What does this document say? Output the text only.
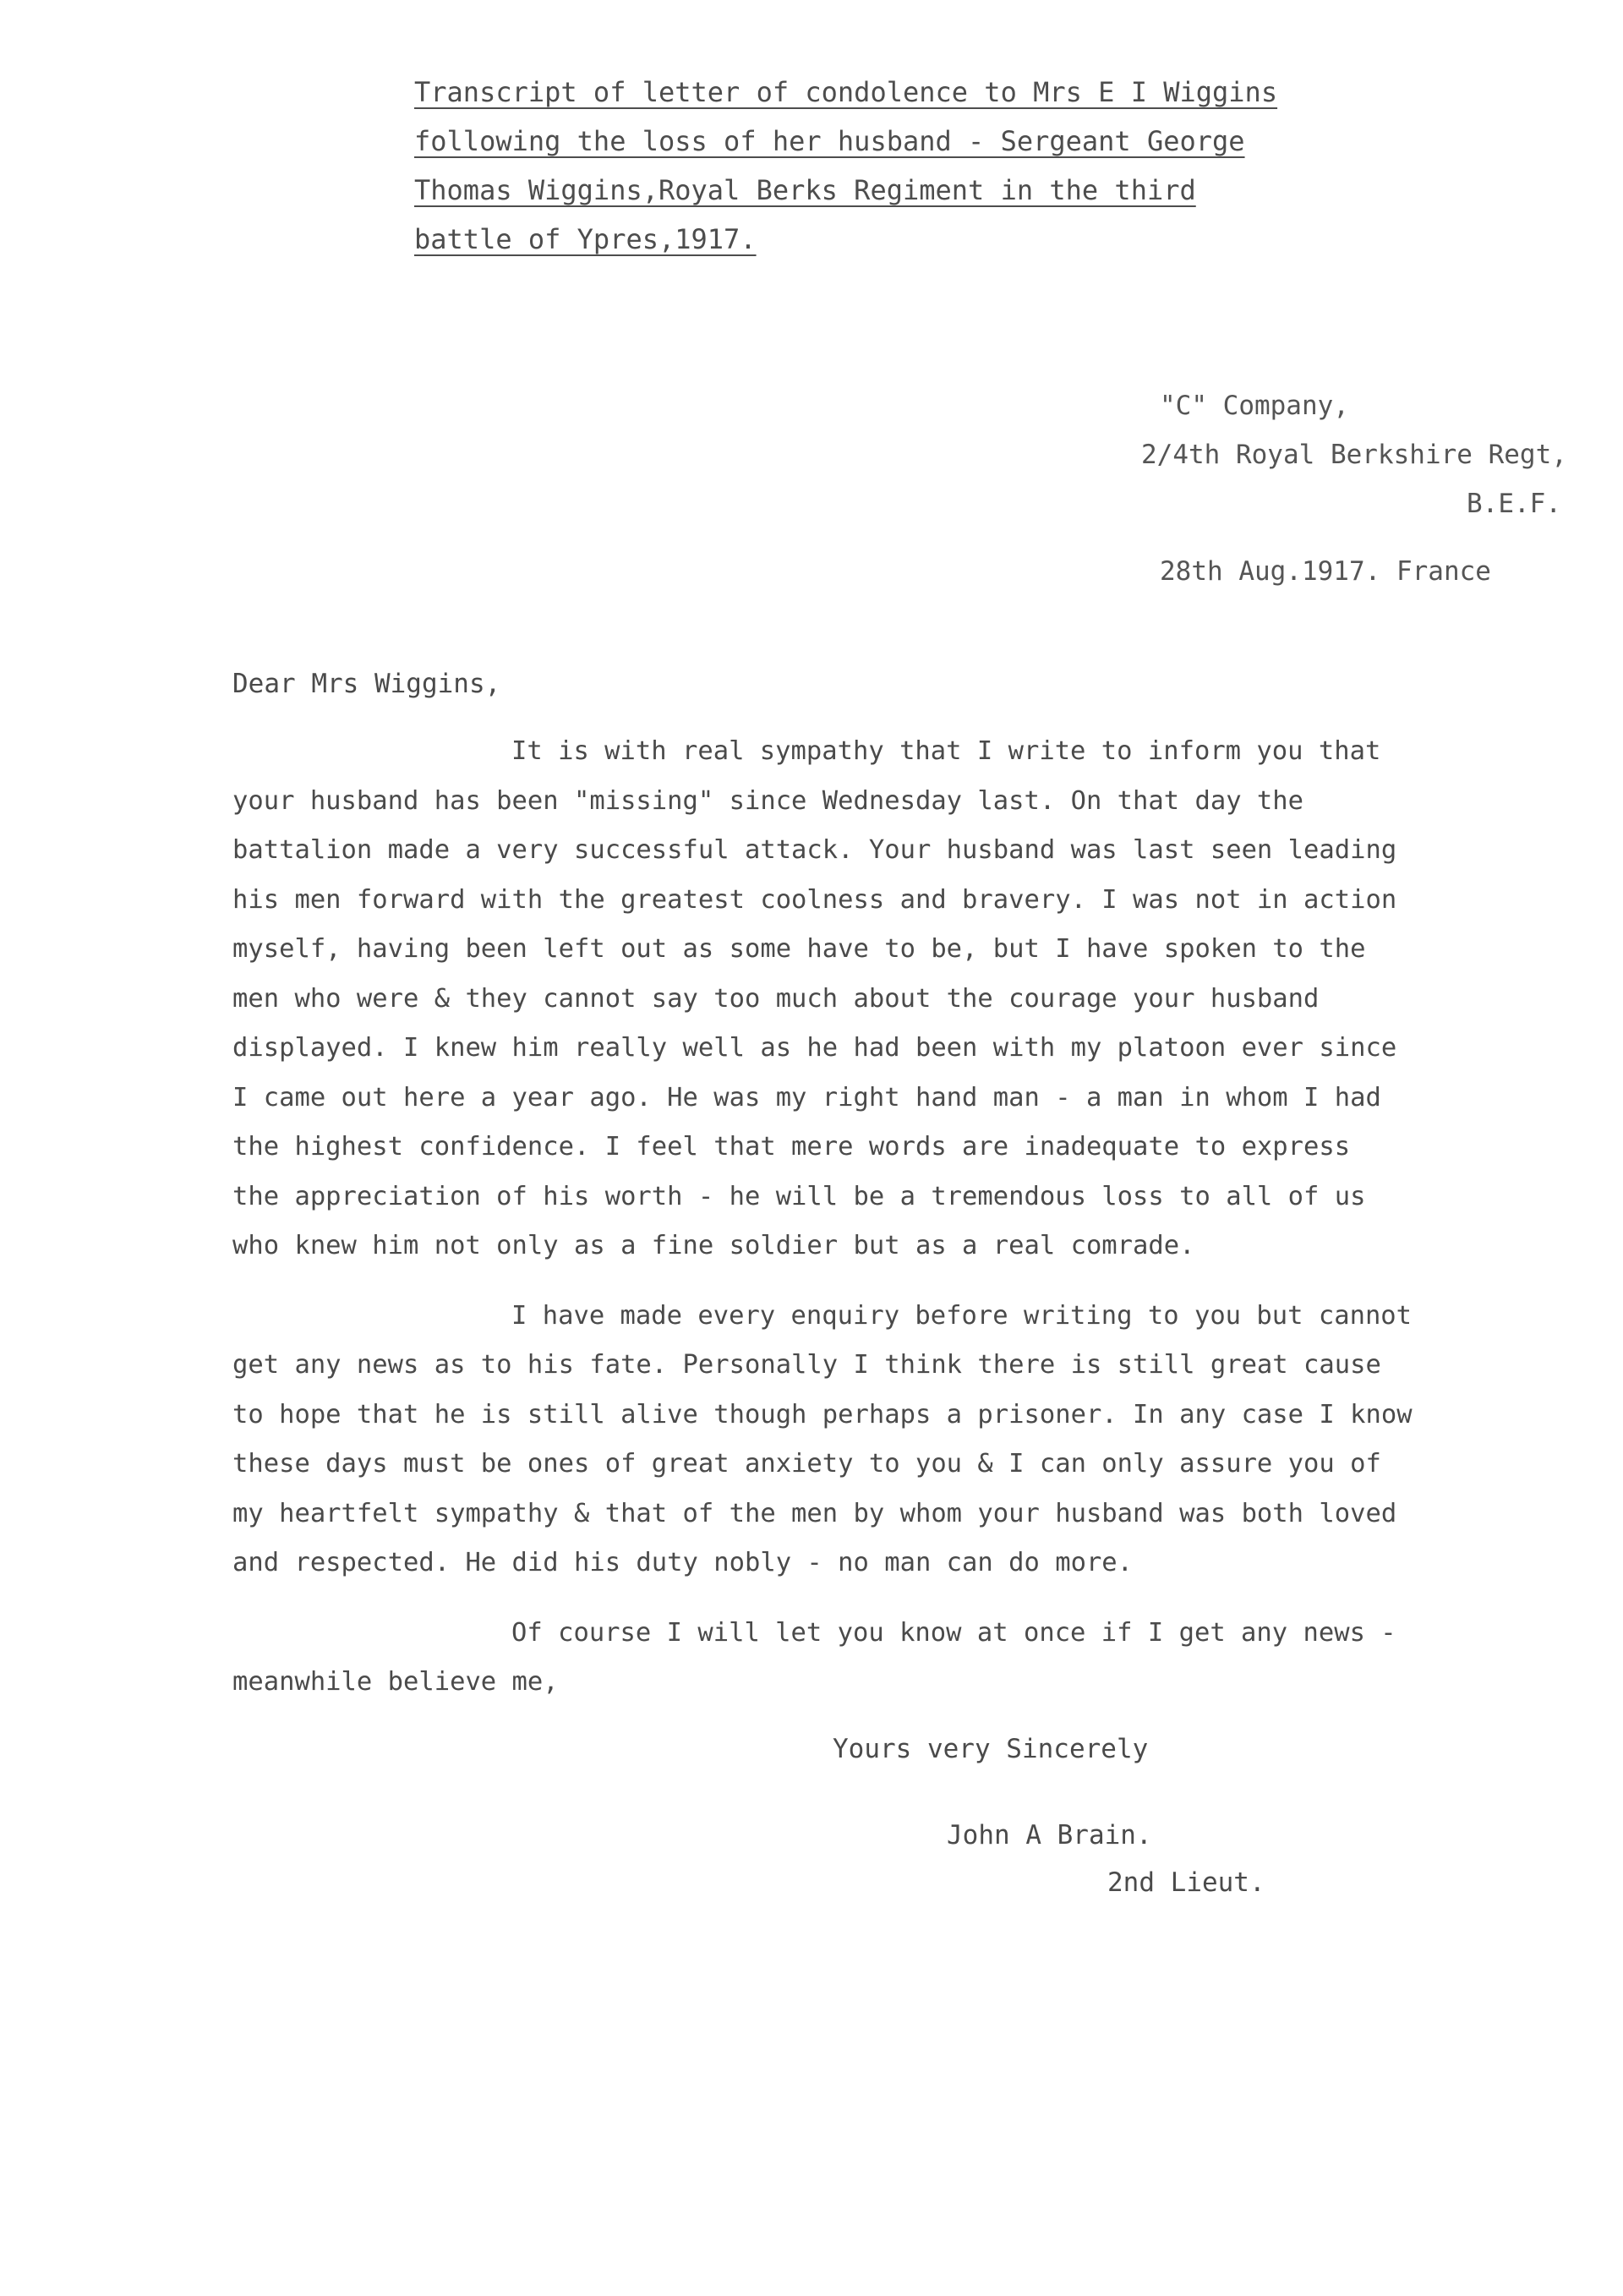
Transcript of letter of condolence to Mrs E I Wiggins
following the loss of her husband - Sergeant George
Thomas Wiggins,Royal Berks Regiment in the third
battle of Ypres,1917.
"C" Company,
2/4th Royal Berkshire Regt,
B.E.F.
28th Aug.1917. France
Dear Mrs Wiggins,
It is with real sympathy that I write to inform you that
your husband has been "missing" since Wednesday last. On that day the
battalion made a very successful attack. Your husband was last seen leading
his men forward with the greatest coolness and bravery. I was not in action
myself, having been left out as some have to be, but I have spoken to the
men who were & they cannot say too much about the courage your husband
displayed. I knew him really well as he had been with my platoon ever since
I came out here a year ago. He was my right hand man - a man in whom I had
the highest confidence. I feel that mere words are inadequate to express
the appreciation of his worth - he will be a tremendous loss to all of us
who knew him not only as a fine soldier but as a real comrade.
I have made every enquiry before writing to you but cannot
get any news as to his fate. Personally I think there is still great cause
to hope that he is still alive though perhaps a prisoner. In any case I know
these days must be ones of great anxiety to you & I can only assure you of
my heartfelt sympathy & that of the men by whom your husband was both loved
and respected. He did his duty nobly - no man can do more.
Of course I will let you know at once if I get any news -
meanwhile believe me,
Yours very Sincerely
John A Brain.
2nd Lieut.
